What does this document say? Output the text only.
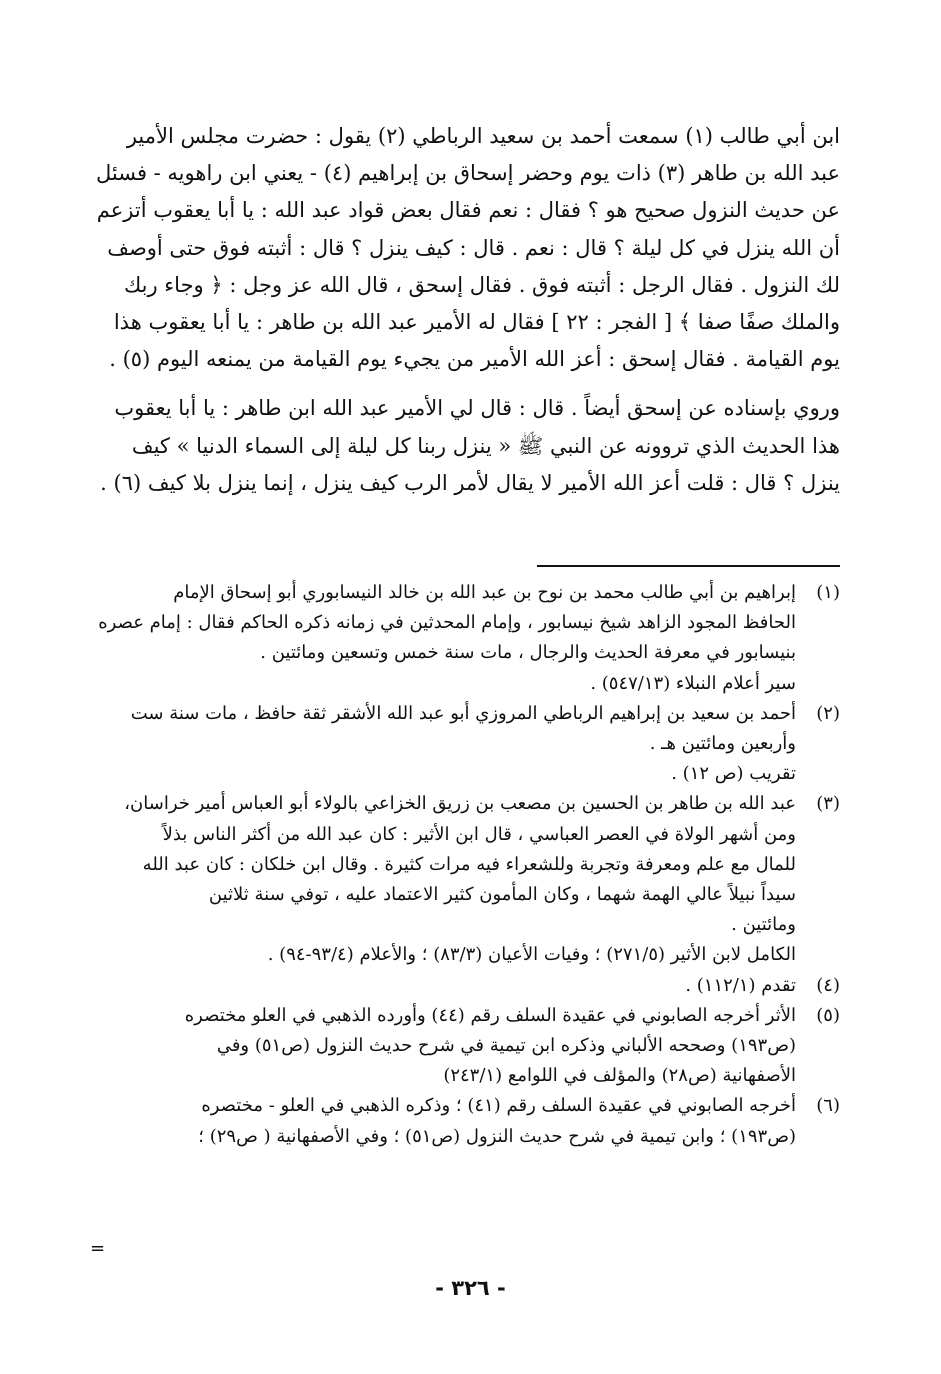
ابن أبي طالب (١) سمعت أحمد بن سعيد الرباطي (٢) يقول : حضرت مجلس الأمير
عبد الله بن طاهر (٣) ذات يوم وحضر إسحاق بن إبراهيم (٤) - يعني ابن راهويه - فسئل
عن حديث النزول صحيح هو ؟ فقال : نعم فقال بعض قواد عبد الله : يا أبا يعقوب أتزعم
أن الله ينزل في كل ليلة ؟ قال : نعم . قال : كيف ينزل ؟ قال : أثبته فوق حتى أوصف
لك النزول . فقال الرجل : أثبته فوق . فقال إسحق ، قال الله عز وجل : ﴿ وجاء ربك
والملك صفًا صفا ﴾ [ الفجر : ٢٢ ] فقال له الأمير عبد الله بن طاهر : يا أبا يعقوب هذا
يوم القيامة . فقال إسحق : أعز الله الأمير من يجيء يوم القيامة من يمنعه اليوم (٥) .
وروي بإسناده عن إسحق أيضاً . قال : قال لي الأمير عبد الله ابن طاهر : يا أبا يعقوب
هذا الحديث الذي تروونه عن النبي ﷺ « ينزل ربنا كل ليلة إلى السماء الدنيا » كيف
ينزل ؟ قال : قلت أعز الله الأمير لا يقال لأمر الرب كيف ينزل ، إنما ينزل بلا كيف (٦) .
(١)
إبراهيم بن أبي طالب محمد بن نوح بن عبد الله بن خالد النيسابوري أبو إسحاق الإمام
الحافظ المجود الزاهد شيخ نيسابور ، وإمام المحدثين في زمانه ذكره الحاكم فقال : إمام عصره
بنيسابور في معرفة الحديث والرجال ، مات سنة خمس وتسعين ومائتين .
سير أعلام النبلاء (٥٤٧/١٣) .
(٢)
أحمد بن سعيد بن إبراهيم الرباطي المروزي أبو عبد الله الأشقر ثقة حافظ ، مات سنة ست
وأربعين ومائتين هـ .
تقريب (ص ١٢) .
(٣)
عبد الله بن طاهر بن الحسين بن مصعب بن زريق الخزاعي بالولاء أبو العباس أمير خراسان،
ومن أشهر الولاة في العصر العباسي ، قال ابن الأثير : كان عبد الله من أكثر الناس بذلاً
للمال مع علم ومعرفة وتجربة وللشعراء فيه مرات كثيرة . وقال ابن خلكان : كان عبد الله
سيداً نبيلاً عالي الهمة شهما ، وكان المأمون كثير الاعتماد عليه ، توفي سنة ثلاثين
ومائتين .
الكامل لابن الأثير (٢٧١/٥) ؛ وفيات الأعيان (٨٣/٣) ؛ والأعلام (٩٣/٤-٩٤) .
(٤)
تقدم (١١٢/١) .
(٥)
الأثر أخرجه الصابوني في عقيدة السلف رقم (٤٤) وأورده الذهبي في العلو مختصره
(ص١٩٣) وصححه الألباني وذكره ابن تيمية في شرح حديث النزول (ص٥١) وفي
الأصفهانية (ص٢٨) والمؤلف في اللوامع (٢٤٣/١)
(٦)
أخرجه الصابوني في عقيدة السلف رقم (٤١) ؛ وذكره الذهبي في العلو - مختصره
(ص١٩٣) ؛ وابن تيمية في شرح حديث النزول (ص٥١) ؛ وفي الأصفهانية ( ص٢٩) ؛
=
- ٣٢٦ -
